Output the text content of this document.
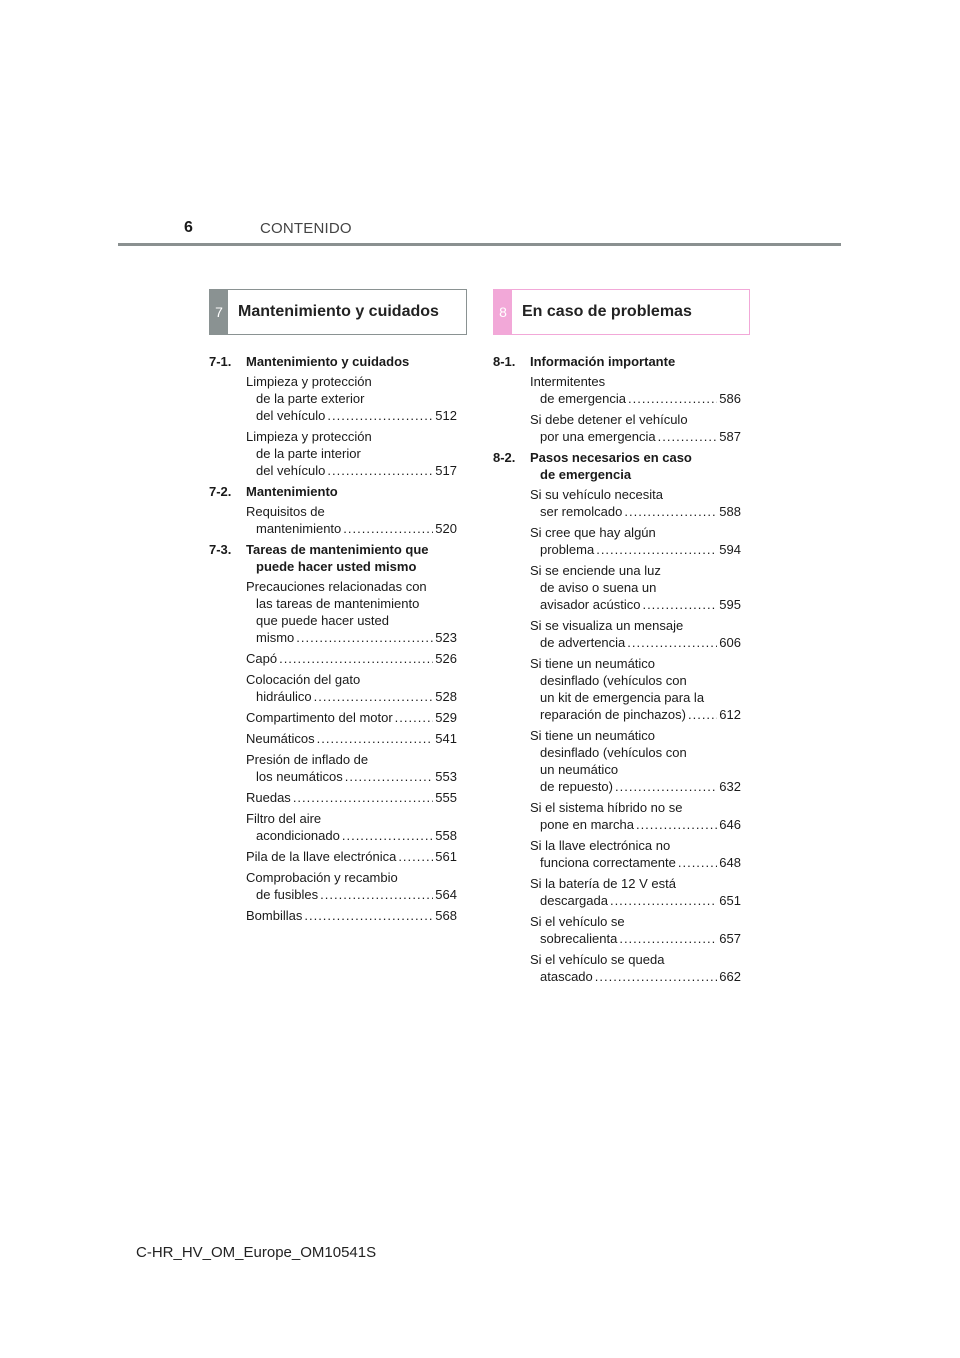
6	CONTENIDO
7 Mantenimiento y cuidados	8 En caso de problemas
7-1.	Mantenimiento y cuidados
Limpieza y protección
de la parte exterior
del vehículo .....	512
Limpieza y protección
de la parte interior
del vehículo .....	517
7-2.	Mantenimiento
Requisitos de
mantenimiento .....	520
7-3.	Tareas de mantenimiento que
puede hacer usted mismo
Precauciones relacionadas con
las tareas de mantenimiento
que puede hacer usted
mismo .....	523
Capó .....	526
Colocación del gato
hidráulico .....	528
Compartimento del motor .....	529
Neumáticos .....	541
Presión de inflado de
los neumáticos .....	553
Ruedas .....	555
Filtro del aire
acondicionado .....	558
Pila de la llave electrónica .....	561
Comprobación y recambio
de fusibles .....	564
Bombillas .....	568
8-1.	Información importante
Intermitentes
de emergencia .....	586
Si debe detener el vehículo
por una emergencia .....	587
8-2.	Pasos necesarios en caso
de emergencia
Si su vehículo necesita
ser remolcado .....	588
Si cree que hay algún
problema .....	594
Si se enciende una luz
de aviso o suena un
avisador acústico .....	595
Si se visualiza un mensaje
de advertencia .....	606
Si tiene un neumático
desinflado (vehículos con
un kit de emergencia para la
reparación de pinchazos) .....	612
Si tiene un neumático
desinflado (vehículos con
un neumático
de repuesto) .....	632
Si el sistema híbrido no se
pone en marcha .....	646
Si la llave electrónica no
funciona correctamente .....	648
Si la batería de 12 V está
descargada .....	651
Si el vehículo se
sobrecalienta .....	657
Si el vehículo se queda
atascado .....	662
C-HR_HV_OM_Europe_OM10541S
